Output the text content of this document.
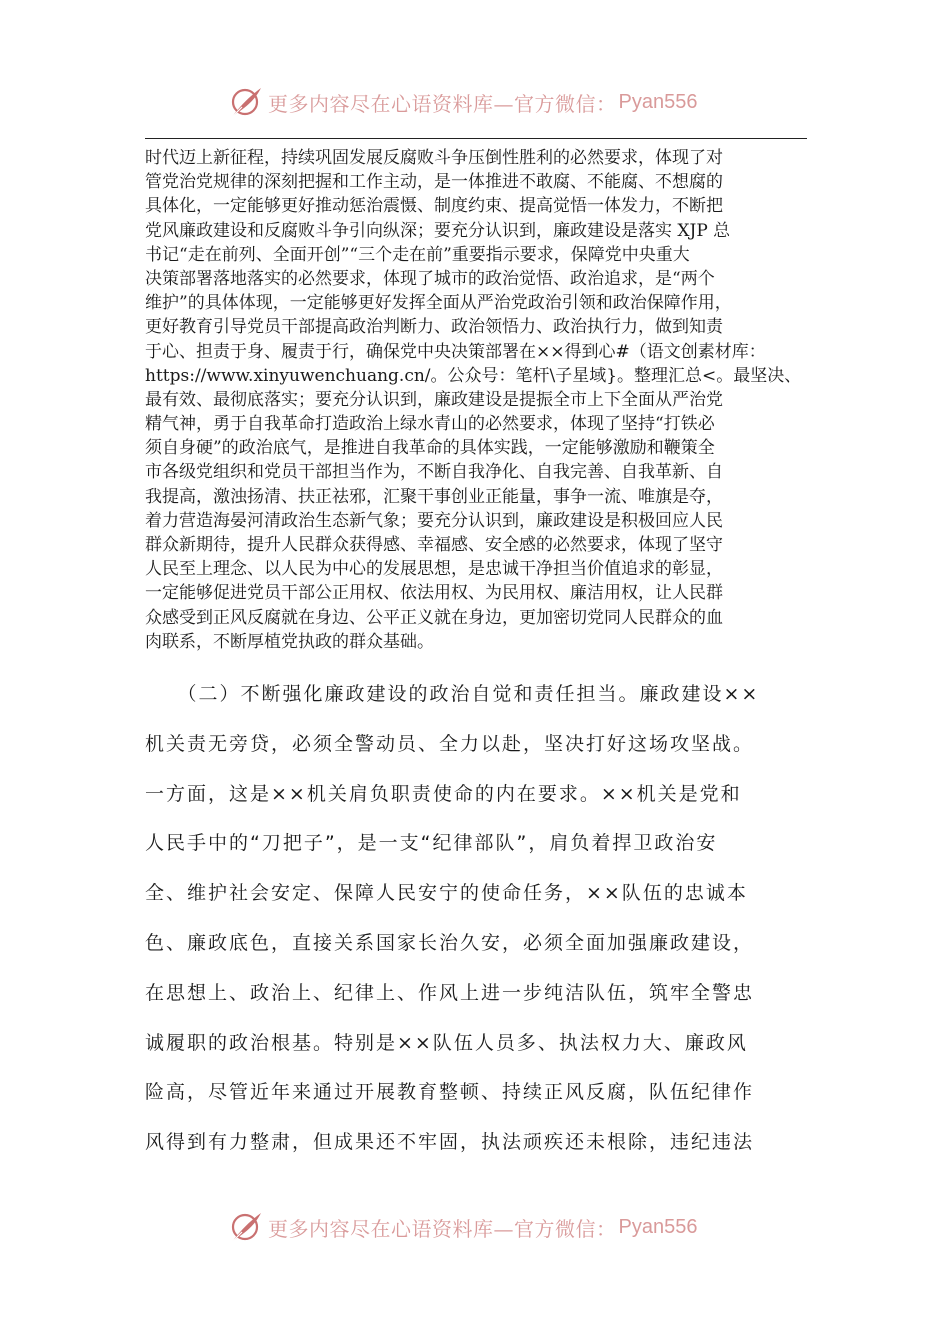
更多内容尽在心语资料库—官方微信： Pyan556
时代迈上新征程，持续巩固发展反腐败斗争压倒性胜利的必然要求，体现了对
管党治党规律的深刻把握和工作主动，是一体推进不敢腐、不能腐、不想腐的
具体化，一定能够更好推动惩治震慑、制度约束、提高觉悟一体发力，不断把
党风廉政建设和反腐败斗争引向纵深；要充分认识到，廉政建设是落实 XJP 总
书记“走在前列、全面开创”“三个走在前”重要指示要求，保障党中央重大
决策部署落地落实的必然要求，体现了城市的政治觉悟、政治追求，是“两个
维护”的具体体现，一定能够更好发挥全面从严治党政治引领和政治保障作用，
更好教育引导党员干部提高政治判断力、政治领悟力、政治执行力，做到知责
于心、担责于身、履责于行，确保党中央决策部署在××得到心#（语文创素材库：
https://www.xinyuwenchuang.cn/。公众号：笔杆\子星域}。整理汇总<。最坚决、
最有效、最彻底落实；要充分认识到，廉政建设是提振全市上下全面从严治党
精气神，勇于自我革命打造政治上绿水青山的必然要求，体现了坚持“打铁必
须自身硬”的政治底气，是推进自我革命的具体实践，一定能够激励和鞭策全
市各级党组织和党员干部担当作为，不断自我净化、自我完善、自我革新、自
我提高，激浊扬清、扶正祛邪，汇聚干事创业正能量，事争一流、唯旗是夺，
着力营造海晏河清政治生态新气象；要充分认识到，廉政建设是积极回应人民
群众新期待，提升人民群众获得感、幸福感、安全感的必然要求，体现了坚守
人民至上理念、以人民为中心的发展思想，是忠诚干净担当价值追求的彰显，
一定能够促进党员干部公正用权、依法用权、为民用权、廉洁用权，让人民群
众感受到正风反腐就在身边、公平正义就在身边，更加密切党同人民群众的血
肉联系，不断厚植党执政的群众基础。
　　（二）不断强化廉政建设的政治自觉和责任担当。廉政建设××
机关责无旁贷，必须全警动员、全力以赴，坚决打好这场攻坚战。
一方面，这是××机关肩负职责使命的内在要求。××机关是党和
人民手中的“刀把子”，是一支“纪律部队”，肩负着捍卫政治安
全、维护社会安定、保障人民安宁的使命任务，××队伍的忠诚本
色、廉政底色，直接关系国家长治久安，必须全面加强廉政建设，
在思想上、政治上、纪律上、作风上进一步纯洁队伍，筑牢全警忠
诚履职的政治根基。特别是××队伍人员多、执法权力大、廉政风
险高，尽管近年来通过开展教育整顿、持续正风反腐，队伍纪律作
风得到有力整肃，但成果还不牢固，执法顽疾还未根除，违纪违法
更多内容尽在心语资料库—官方微信： Pyan556
